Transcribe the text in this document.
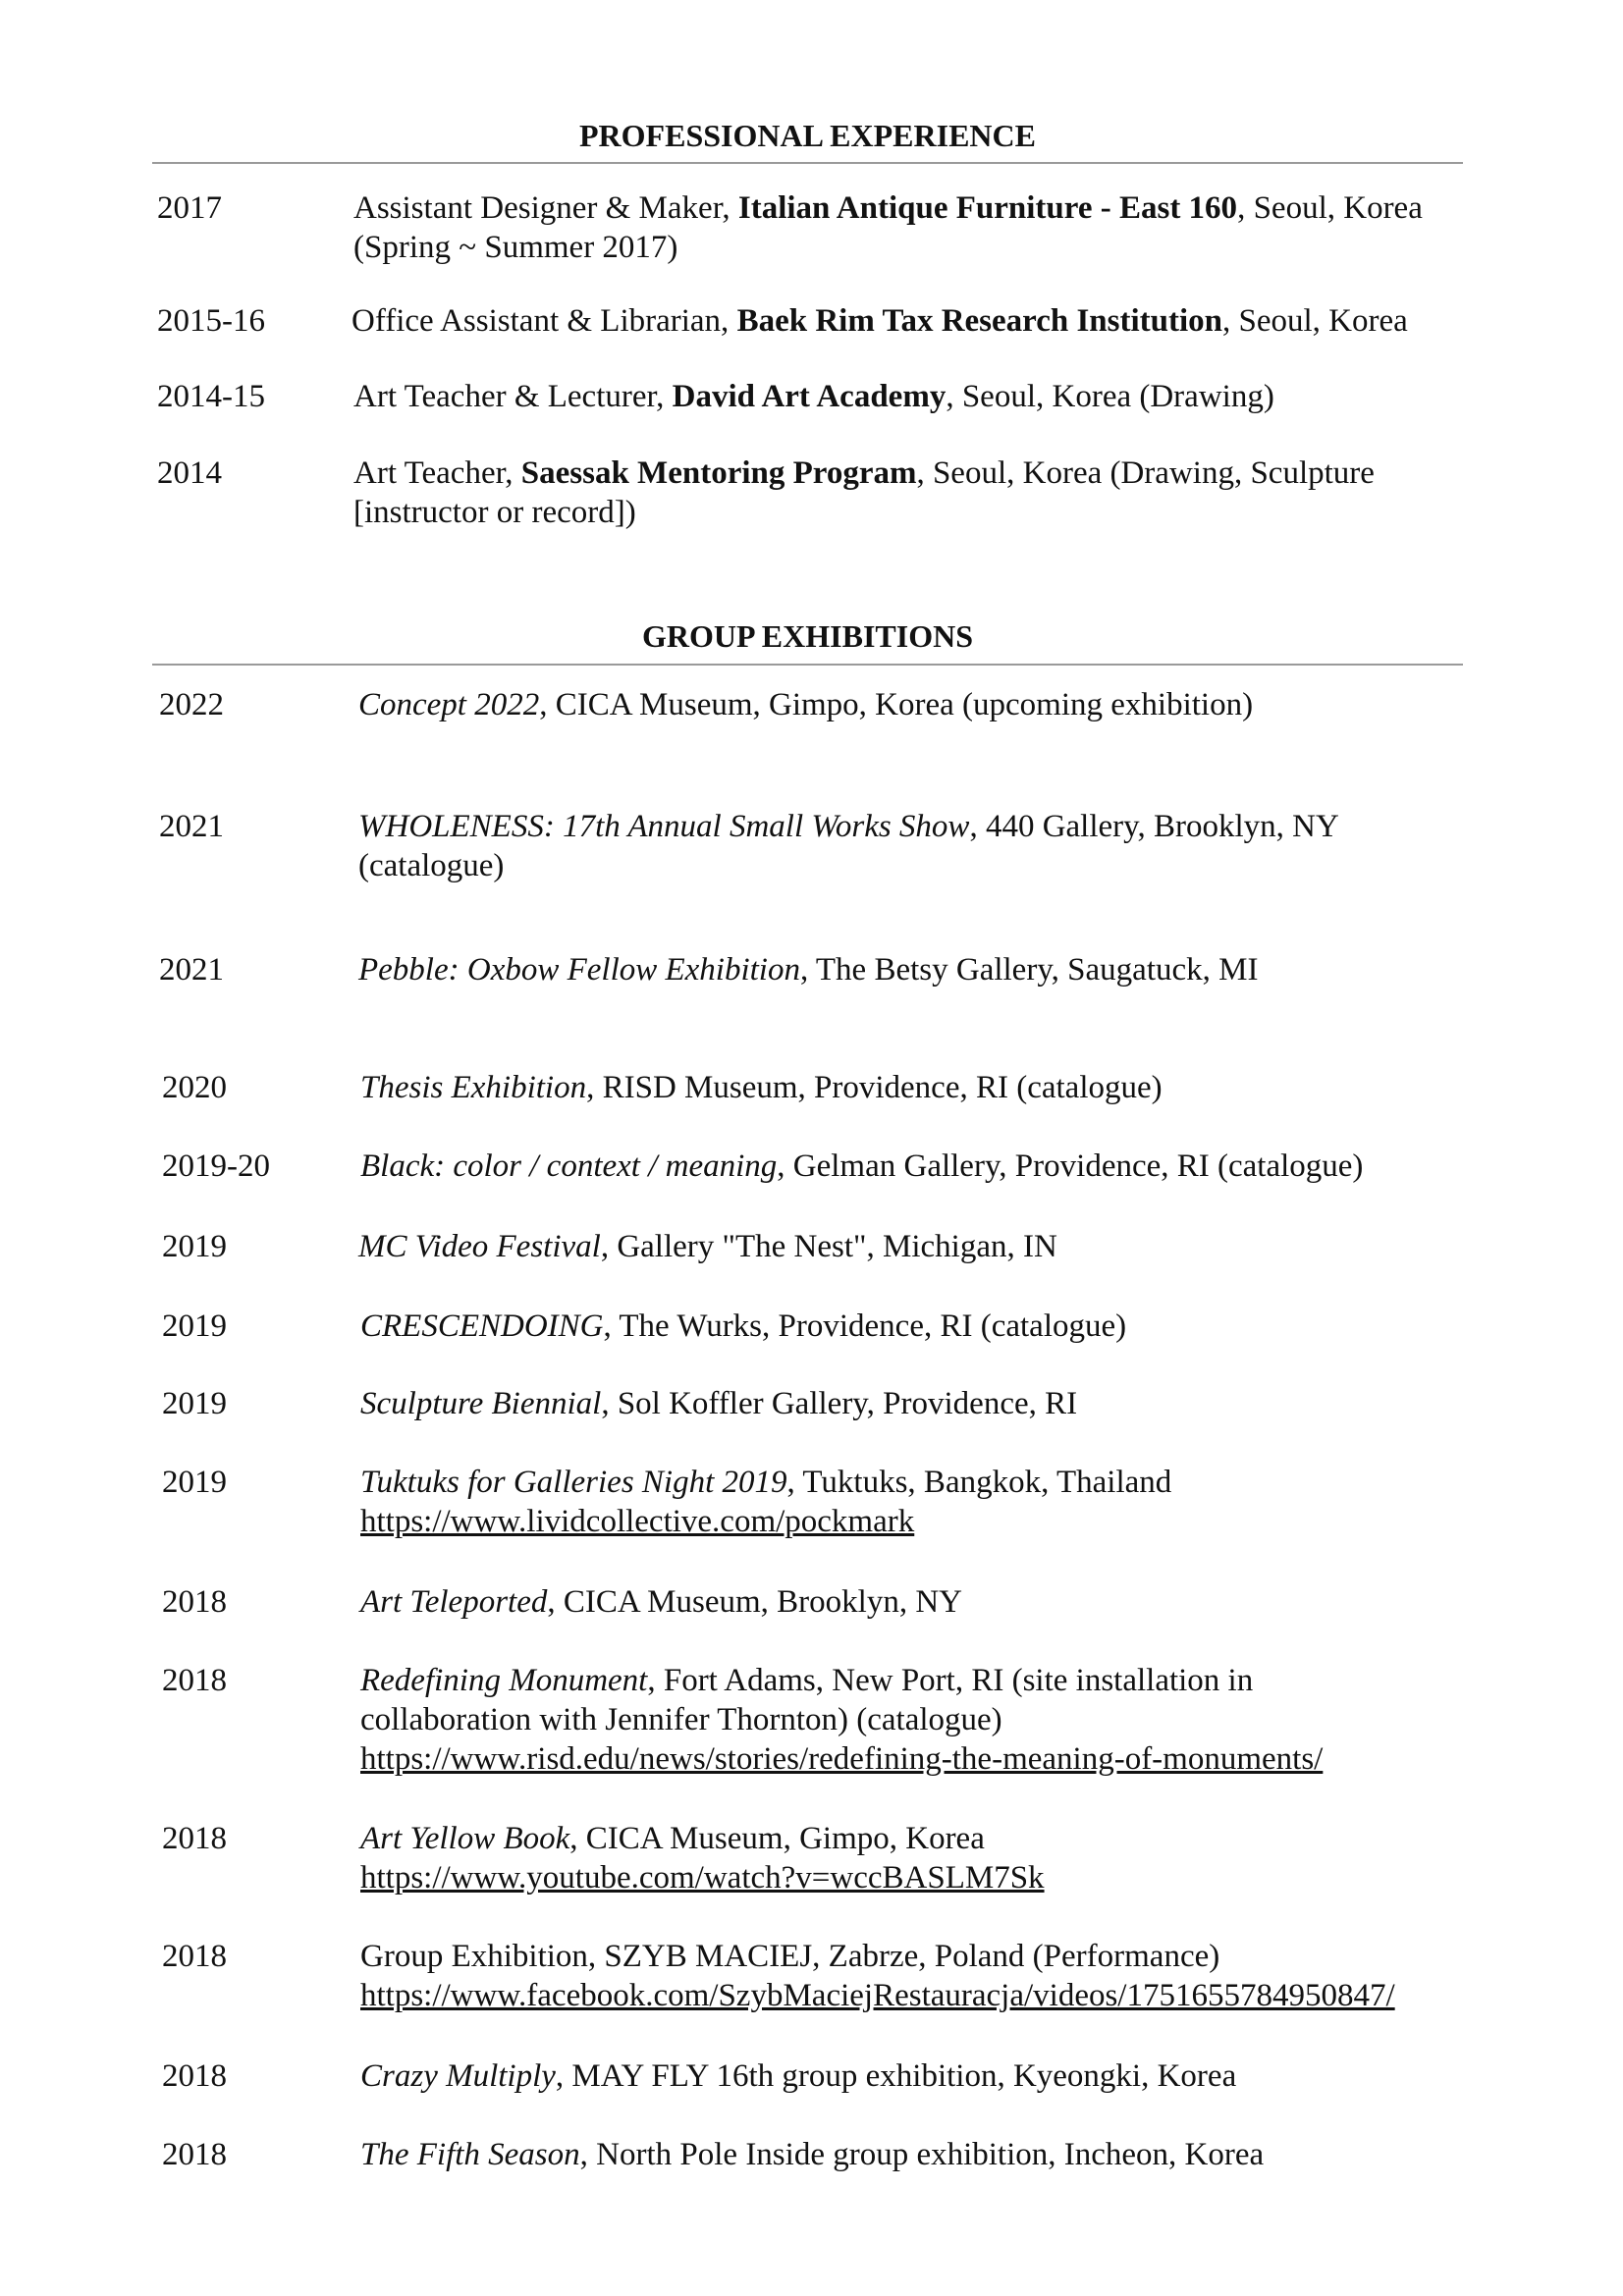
PROFESSIONAL EXPERIENCE
2017	Assistant Designer & Maker, Italian Antique Furniture - East 160, Seoul, Korea
(Spring ~ Summer 2017)
2015-16	Office Assistant & Librarian, Baek Rim Tax Research Institution, Seoul, Korea
2014-15	Art Teacher & Lecturer, David Art Academy, Seoul, Korea (Drawing)
2014	Art Teacher, Saessak Mentoring Program, Seoul, Korea (Drawing, Sculpture
[instructor or record])
GROUP EXHIBITIONS
2022	Concept 2022, CICA Museum, Gimpo, Korea (upcoming exhibition)
2021	WHOLENESS: 17th Annual Small Works Show, 440 Gallery, Brooklyn, NY
(catalogue)
2021	Pebble: Oxbow Fellow Exhibition, The Betsy Gallery, Saugatuck, MI
2020	Thesis Exhibition, RISD Museum, Providence, RI (catalogue)
2019-20	Black: color / context / meaning, Gelman Gallery, Providence, RI (catalogue)
2019	MC Video Festival, Gallery "The Nest", Michigan, IN
2019	CRESCENDOING, The Wurks, Providence, RI (catalogue)
2019	Sculpture Biennial, Sol Koffler Gallery, Providence, RI
2019	Tuktuks for Galleries Night 2019, Tuktuks, Bangkok, Thailand
https://www.lividcollective.com/pockmark
2018	Art Teleported, CICA Museum, Brooklyn, NY
2018	Redefining Monument, Fort Adams, New Port, RI (site installation in
collaboration with Jennifer Thornton) (catalogue)
https://www.risd.edu/news/stories/redefining-the-meaning-of-monuments/
2018	Art Yellow Book, CICA Museum, Gimpo, Korea
https://www.youtube.com/watch?v=wccBASLM7Sk
2018	Group Exhibition, SZYB MACIEJ, Zabrze, Poland (Performance)
https://www.facebook.com/SzybMaciejRestauracja/videos/1751655784950847/
2018	Crazy Multiply, MAY FLY 16th group exhibition, Kyeongki, Korea
2018	The Fifth Season, North Pole Inside group exhibition, Incheon, Korea
